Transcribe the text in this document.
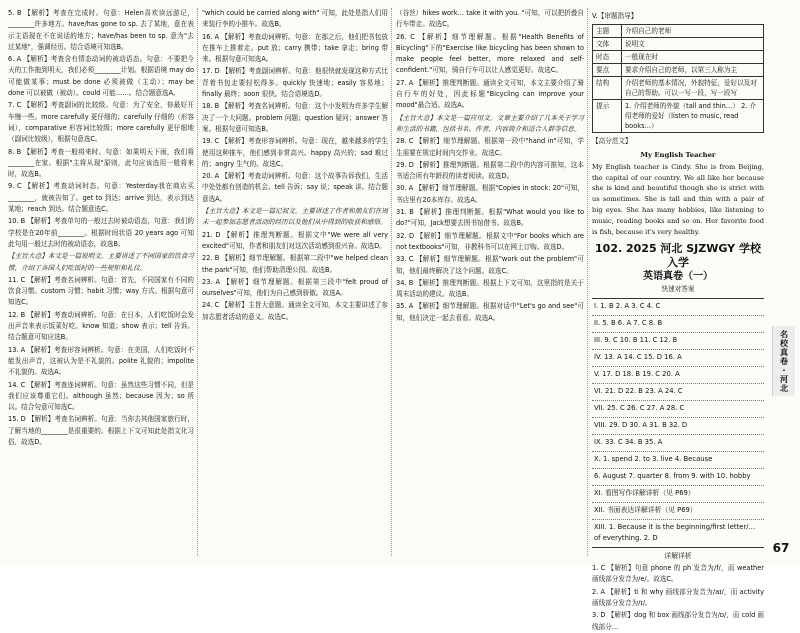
5. B 【解析】考查在完成时。句意：Helen喜欢读远游记，________许多地方。have/has gone to sp. 去了某地，意在表示主语现在不在说话的地方；have/has been to sp. 意为"去过某地"，强调经历。结合语境可知选B。

6. A 【解析】考查含有情态动词的被动语态。句意：不要把今天的工作拖到明天，我们必须________计划。根据语境 may do 可能做某事；must be done 必须被做（主动）；may be done 可以被做（被动）。could 可能……。结合题意选A。

7. C 【解析】考查副词的比较级。句意：为了安全，你最好开车慢一些。more carefully 更仔细的；carefully 仔细的（形容词），comparative 形容词比较级；more carefully 更仔细地（副词比较级），根据句意选C。

8. B 【解析】考查一般将来时。句意：如果明天下雨，我们将________在家。根据"主将从现"原则，此句应该选用一般将来时，故选B。

9. C 【解析】考查动词时态。句意：Yesterday我在商店买________，就被告知了。get to 到达；arrive 到达，表示到达某地；reach 到达。结合题意选C。

10. B 【解析】考查单句的一般过去时被动语态，句意：我们的学校是在20年前________。根据时间状语 20 years ago 可知此句用一般过去时的被动语态，故选B。

【主旨大意】本文是一篇说明文。主要讲述了不同国家的饮食习惯，介绍了各国人们吃饭时的一些规矩和礼仪。

11. C 【解析】考查名词辨析。句意：首先，不同国家有不同的饮食习惯。custom 习惯；habit 习惯；way 方式。根据句意可知选C。

12. B 【解析】考查动词辨析。句意：在日本，人们吃饭时会发出声音来表示饭菜好吃。know 知道；show 表示；tell 告诉。结合题意可知应选B。

13. A 【解析】考查形容词辨析。句意：在美国，人们吃饭时不能发出声音，这被认为是不礼貌的。polite 礼貌的；impolite 不礼貌的。故选A。

14. C 【解析】考查连词辨析。句意：虽然这些习惯不同，但是我们应该尊重它们。although 虽然；because 因为；so 所以。结合句意可知选C。

15. D 【解析】考查名词辨析。句意：当你去其他国家旅行时，了解当地的________是很重要的。根据上下文可知此处指文化习俗，故选D。

"which could be carried along with" 可知，此处是指人们用来装行李的小推车。故选B。

16. A 【解析】考查动词辨析。句意：在那之后，他们把书包放在推车上推着走。put 放；carry 携带；take 拿走；bring 带来。根据句意可知选A。

17. D 【解析】考查副词辨析。句意：他很快就发现这种方式比背着书包走要轻松得多。quickly 快速地；easily 容易地；finally 最终；soon 很快。结合语境选D。

18. B 【解析】考查名词辨析。句意：这个小发明为许多学生解决了一个大问题。problem 问题；question 疑问；answer 答案。根据句意可知选B。

19. C 【解析】考查形容词辨析。句意：现在，越来越多的学生使用这种推车，他们感到非常高兴。happy 高兴的；sad 难过的；angry 生气的。故选C。

20. A 【解析】考查动词辨析。句意：这个故事告诉我们，生活中处处都有创造的机会。tell 告诉；say 说；speak 讲。结合题意选A。

【主旨大意】本文是一篇记叙文。主要讲述了作者和朋友们在周末一起参加志愿者活动的经历以及他们从中得到的收获和感悟。

21. D 【解析】推理判断题。根据文中"We were all very excited"可知，作者和朋友们对这次活动感到很兴奋。故选D。

22. B 【解析】细节理解题。根据第二段中"we helped clean the park"可知，他们帮助清理公园。故选B。

23. A 【解析】细节理解题。根据第三段中"felt proud of ourselves"可知，他们为自己感到骄傲。故选A。

24. C 【解析】主旨大意题。通读全文可知，本文主要讲述了参加志愿者活动的意义。故选C。

（谷丝）hikes work… take it with you. "可知，可以把折叠自行车带走。故选C。

26. C 【解析】细节理解题。根据"Health Benefits of Bicycling"下的"Exercise like bicycling has been shown to make people feel better, more relaxed and self-confident."可知，骑自行车可以让人感觉更好。故选C。

27. A 【解析】推理判断题。通读全文可知，本文主要介绍了骑自行车的好处，因此标题"Bicycling can improve your mood"最合适。故选A。

【主旨大意】本文是一篇应用文。文章主要介绍了几本关于学习和生活的书籍，包括书名、作者、内容简介和适合人群等信息。

28. C 【解析】细节理解题。根据第一段中"hand in"可知，学生需要在规定时间内交作业。故选C。

29. D 【解析】推理判断题。根据第二段中的内容可推知，这本书适合所有年龄段的读者阅读。故选D。

30. A 【解析】细节理解题。根据"Copies in stock: 20"可知，书店里有20本库存。故选A。

31. B 【解析】推理判断题。根据"What would you like to do?"可知，Jack想要去图书馆借书。故选B。

32. D 【解析】细节理解题。根据文中"For books which are not textbooks"可知，非教科书可以在网上订购。故选D。

33. C 【解析】细节理解题。根据"work out the problem"可知，他们最终解决了这个问题。故选C。

34. B 【解析】推理判断题。根据上下文可知，这里指的是关于周末活动的建议。故选B。

35. A 【解析】细节理解题。根据对话中"Let's go and see"可知，他们决定一起去看看。故选A。

V.【审题指导】
主题	介绍自己的老师
文体	说明文
时态	一般现在时
要点	要求介绍自己的老师，以第三人称为主
结构	介绍老师的基本情况，外貌特征，爱好以及对自己的帮助。可以一写一段，写一段写
提示	1. 介绍老师的外貌（tall and thin…） 2. 介绍老师的爱好（listen to music, read books…）
【高分范文】
My English Teacher
My English teacher is Cindy. She is from Beijing, the capital of our country. We all like her because she is kind and beautiful though she is strict with us sometimes. She is tall and thin with a pair of big eyes. She has many hobbies, like listening to music, reading books and so on. Her favorite food is fish, because it's very healthy.
102. 2025 河北 SJZWGY 学校入学
英语真卷（一）
快速对答案
I. 1. B 2. A 3. C 4. C
II. 5. B 6. A 7. C 8. B
III. 9. C 10. B 11. C 12. B
IV. 13. A 14. C 15. D 16. A
V. 17. D 18. B 19. C 20. A
VI. 21. D 22. B 23. A 24. C
VII. 25. C 26. C 27. A 28. C
VIII. 29. D 30. A 31. B 32. D
IX. 33. C 34. B 35. A
X. 1. spend 2. to 3. live 4. Because
6. August 7. quarter 8. from 9. with 10. hobby
XI. 看图写作详解详析（见 P69）
XII. 书面表达详解详析（见 P69）
XIII. 1. Because it is the beginning/first letter/… of everything. 2. D
详解详析

1. C 【解析】句意 phone 的 ph 发音为/f/，而 weather 画线部分发音为/e/。故选C。

2. A 【解析】ti 和 why 画线部分发音为/aɪ/，而 activity 画线部分发音为/ɪ/。

3. D 【解析】dog 和 box 画线部分发音为/ɒ/，而 cold 画线部分…

名
校
真
卷
·
河
北
67
